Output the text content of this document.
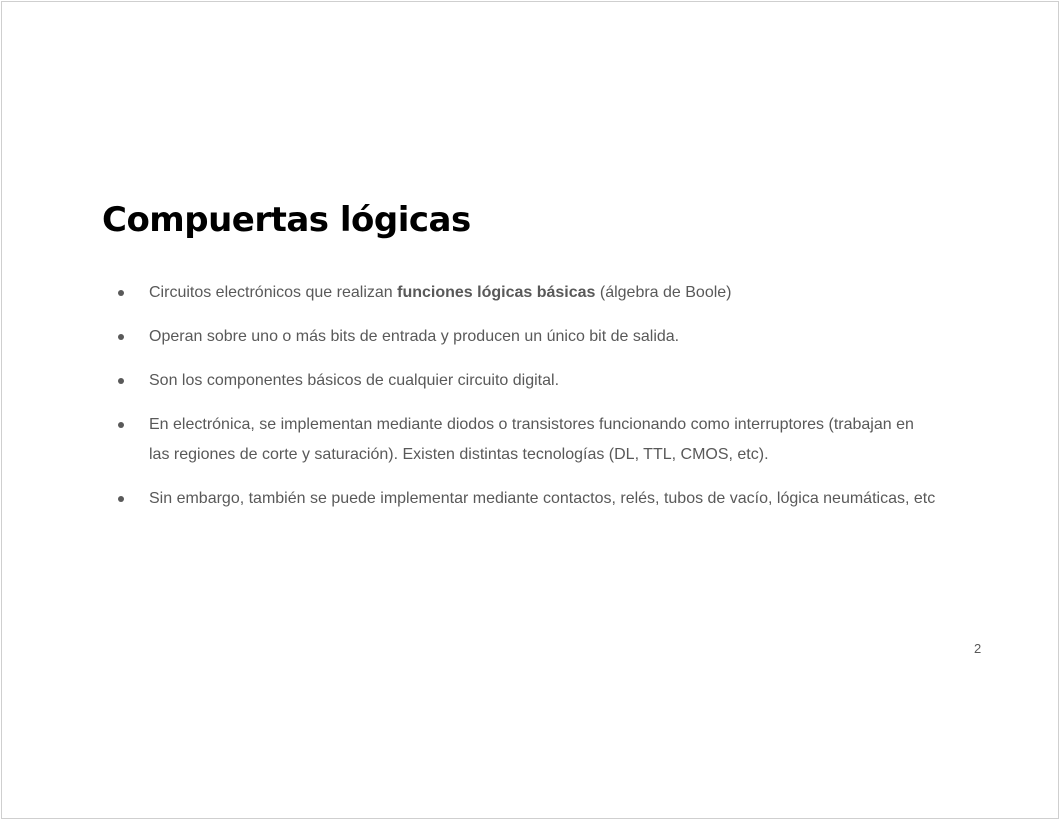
Compuertas lógicas
Circuitos electrónicos que realizan funciones lógicas básicas (álgebra de Boole)
Operan sobre uno o más bits de entrada y producen un único bit de salida.
Son los componentes básicos de cualquier circuito digital.
En electrónica, se implementan mediante diodos o transistores funcionando como interruptores (trabajan en
las regiones de corte y saturación). Existen distintas tecnologías (DL, TTL, CMOS, etc).
Sin embargo, también se puede implementar mediante contactos, relés, tubos de vacío, lógica neumáticas, etc
2
